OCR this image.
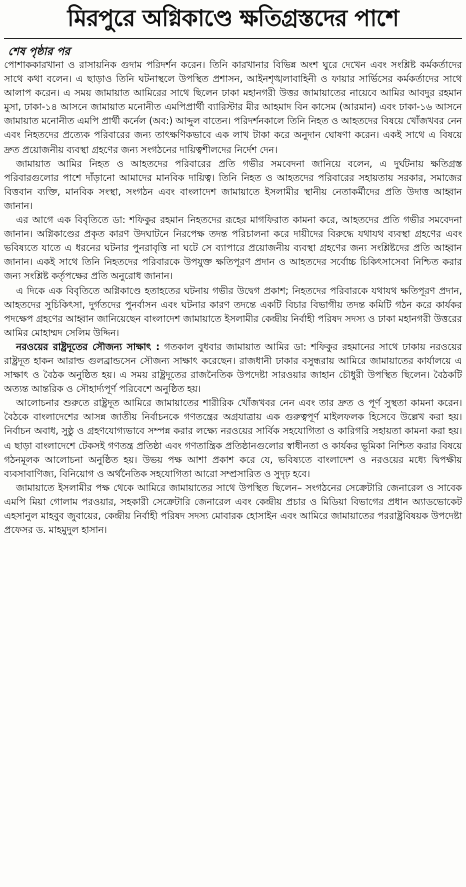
মিরপুরে অগ্নিকাণ্ডে ক্ষতিগ্রস্তদের পাশে
শেষ পৃষ্ঠার পর

পোশাককারখানা ও রাসায়নিক গুদাম পরিদর্শন করেন। তিনি কারখানার বিভিন্ন অংশ ঘুরে দেখেন এবং সংশ্লিষ্ট কর্মকর্তাদের সাথে কথা বলেন। এ ছাড়াও তিনি ঘটনাস্থলে উপস্থিত প্রশাসন, আইনশৃঙ্খলাবাহিনী ও ফায়ার সার্ভিসের কর্মকর্তাদের সাথে আলাপ করেন। এ সময় জামায়াত আমিরের সাথে ছিলেন ঢাকা মহানগরী উত্তর জামায়াতের নায়েবে আমির আবদুর রহমান মুসা, ঢাকা-১৪ আসনে জামায়াত মনোনীত এমপিপ্রার্থী ব্যারিস্টার মীর আহমাদ বিন কাসেম (আরমান) এবং ঢাকা-১৬ আসনে জামায়াত মনোনীত এমপি প্রার্থী কর্নেল (অব:) আব্দুল বাতেন। পরিদর্শনকালে তিনি নিহত ও আহতদের বিষয়ে খোঁজখবর নেন এবং নিহতদের প্রত্যেক পরিবারের জন্য তাৎক্ষণিকভাবে এক লাখ টাকা করে অনুদান ঘোষণা করেন। একই সাথে এ বিষয়ে দ্রুত প্রয়োজনীয় ব্যবস্থা গ্রহণের জন্য সংগঠনের দায়িত্বশীলদের নির্দেশ দেন।

জামায়াত আমির নিহত ও আহতদের পরিবারের প্রতি গভীর সমবেদনা জানিয়ে বলেন, এ দুর্ঘটনায় ক্ষতিগ্রস্ত পরিবারগুলোর পাশে দাঁড়ানো আমাদের মানবিক দায়িত্ব। তিনি নিহত ও আহতদের পরিবারের সহায়তায় সরকার, সমাজের বিত্তবান ব্যক্তি, মানবিক সংস্থা, সংগঠন এবং বাংলাদেশ জামায়াতে ইসলামীর স্থানীয় নেতাকর্মীদের প্রতি উদাত্ত আহ্বান জানান।

এর আগে এক বিবৃতিতে ডা: শফিকুর রহমান নিহতদের রূহের মাগফিরাত কামনা করে, আহতদের প্রতি গভীর সমবেদনা জানান। অগ্নিকাণ্ডের প্রকৃত কারণ উদঘাটনে নিরপেক্ষ তদন্ত পরিচালনা করে দায়ীদের বিরুদ্ধে যথাযথ ব্যবস্থা গ্রহণের এবং ভবিষ্যতে যাতে এ ধরনের ঘটনার পুনরাবৃত্তি না ঘটে সে ব্যাপারে প্রয়োজনীয় ব্যবস্থা গ্রহণের জন্য সংশ্লিষ্টদের প্রতি আহ্বান জানান। একই সাথে তিনি নিহতদের পরিবারকে উপযুক্ত ক্ষতিপূরণ প্রদান ও আহতদের সর্বোচ্চ চিকিৎসাসেবা নিশ্চিত করার জন্য সংশ্লিষ্ট কর্তৃপক্ষের প্রতি অনুরোধ জানান।

এ দিকে এক বিবৃতিতে অগ্নিকাণ্ডে হতাহতের ঘটনায় গভীর উদ্বেগ প্রকাশ; নিহতদের পরিবারকে যথাযথ ক্ষতিপূরণ প্রদান, আহতদের সুচিকিৎসা, দুর্গতদের পুনর্বাসন এবং ঘটনার কারণ তদন্তে একটি বিচার বিভাগীয় তদন্ত কমিটি গঠন করে কার্যকর পদক্ষেপ গ্রহণের আহ্বান জানিয়েছেন বাংলাদেশ জামায়াতে ইসলামীর কেন্দ্রীয় নির্বাহী পরিষদ সদস্য ও ঢাকা মহানগরী উত্তরের আমির মোহাম্মদ সেলিম উদ্দিন।

নরওয়ের রাষ্ট্রদূতের সৌজন্য সাক্ষাৎ : গতকাল বুধবার জামায়াত আমির ডা: শফিকুর রহমানের সাথে ঢাকায় নরওয়ের রাষ্ট্রদূত হাকন আরাল্ড গুলব্রান্ডসেন সৌজন্য সাক্ষাৎ করেছেন। রাজধানী ঢাকার বসুন্ধরায় আমিরে জামায়াতের কার্যালয়ে এ সাক্ষাৎ ও বৈঠক অনুষ্ঠিত হয়। এ সময় রাষ্ট্রদূতের রাজনৈতিক উপদেষ্টা সারওয়ার জাহান চৌধুরী উপস্থিত ছিলেন। বৈঠকটি অত্যন্ত আন্তরিক ও সৌহার্দ্যপূর্ণ পরিবেশে অনুষ্ঠিত হয়।

আলোচনার শুরুতে রাষ্ট্রদূত আমিরে জামায়াতের শারীরিক খোঁজখবর নেন এবং তার দ্রুত ও পূর্ণ সুস্থতা কামনা করেন। বৈঠকে বাংলাদেশের আসন্ন জাতীয় নির্বাচনকে গণতন্ত্রের অগ্রযাত্রায় এক গুরুত্বপূর্ণ মাইলফলক হিসেবে উল্লেখ করা হয়। নির্বাচন অবাধ, সুষ্ঠু ও গ্রহণযোগ্যভাবে সম্পন্ন করার লক্ষ্যে নরওয়ের সার্বিক সহযোগিতা ও কারিগরি সহায়তা কামনা করা হয়। এ ছাড়া বাংলাদেশে টেকসই গণতন্ত্র প্রতিষ্ঠা এবং গণতান্ত্রিক প্রতিষ্ঠানগুলোর স্বাধীনতা ও কার্যকর ভূমিকা নিশ্চিত করার বিষয়ে গঠনমূলক আলোচনা অনুষ্ঠিত হয়। উভয় পক্ষ আশা প্রকাশ করে যে, ভবিষ্যতে বাংলাদেশ ও নরওয়ের মধ্যে দ্বিপক্ষীয় ব্যবসাবাণিজ্য, বিনিয়োগ ও অর্থনৈতিক সহযোগিতা আরো সম্প্রসারিত ও সুদৃঢ় হবে।

জামায়াতে ইসলামীর পক্ষ থেকে আমিরে জামায়াতের সাথে উপস্থিত ছিলেন– সংগঠনের সেক্রেটারি জেনারেল ও সাবেক এমপি মিয়া গোলাম পরওয়ার, সহকারী সেক্রেটারি জেনারেল এবং কেন্দ্রীয় প্রচার ও মিডিয়া বিভাগের প্রধান অ্যাডভোকেট এহসানুল মাহবুব জুবায়ের, কেন্দ্রীয় নির্বাহী পরিষদ সদস্য মোবারক হোসাইন এবং আমিরে জামায়াতের পররাষ্ট্রবিষয়ক উপদেষ্টা প্রফেসর ড. মাহমুদুল হাসান।
